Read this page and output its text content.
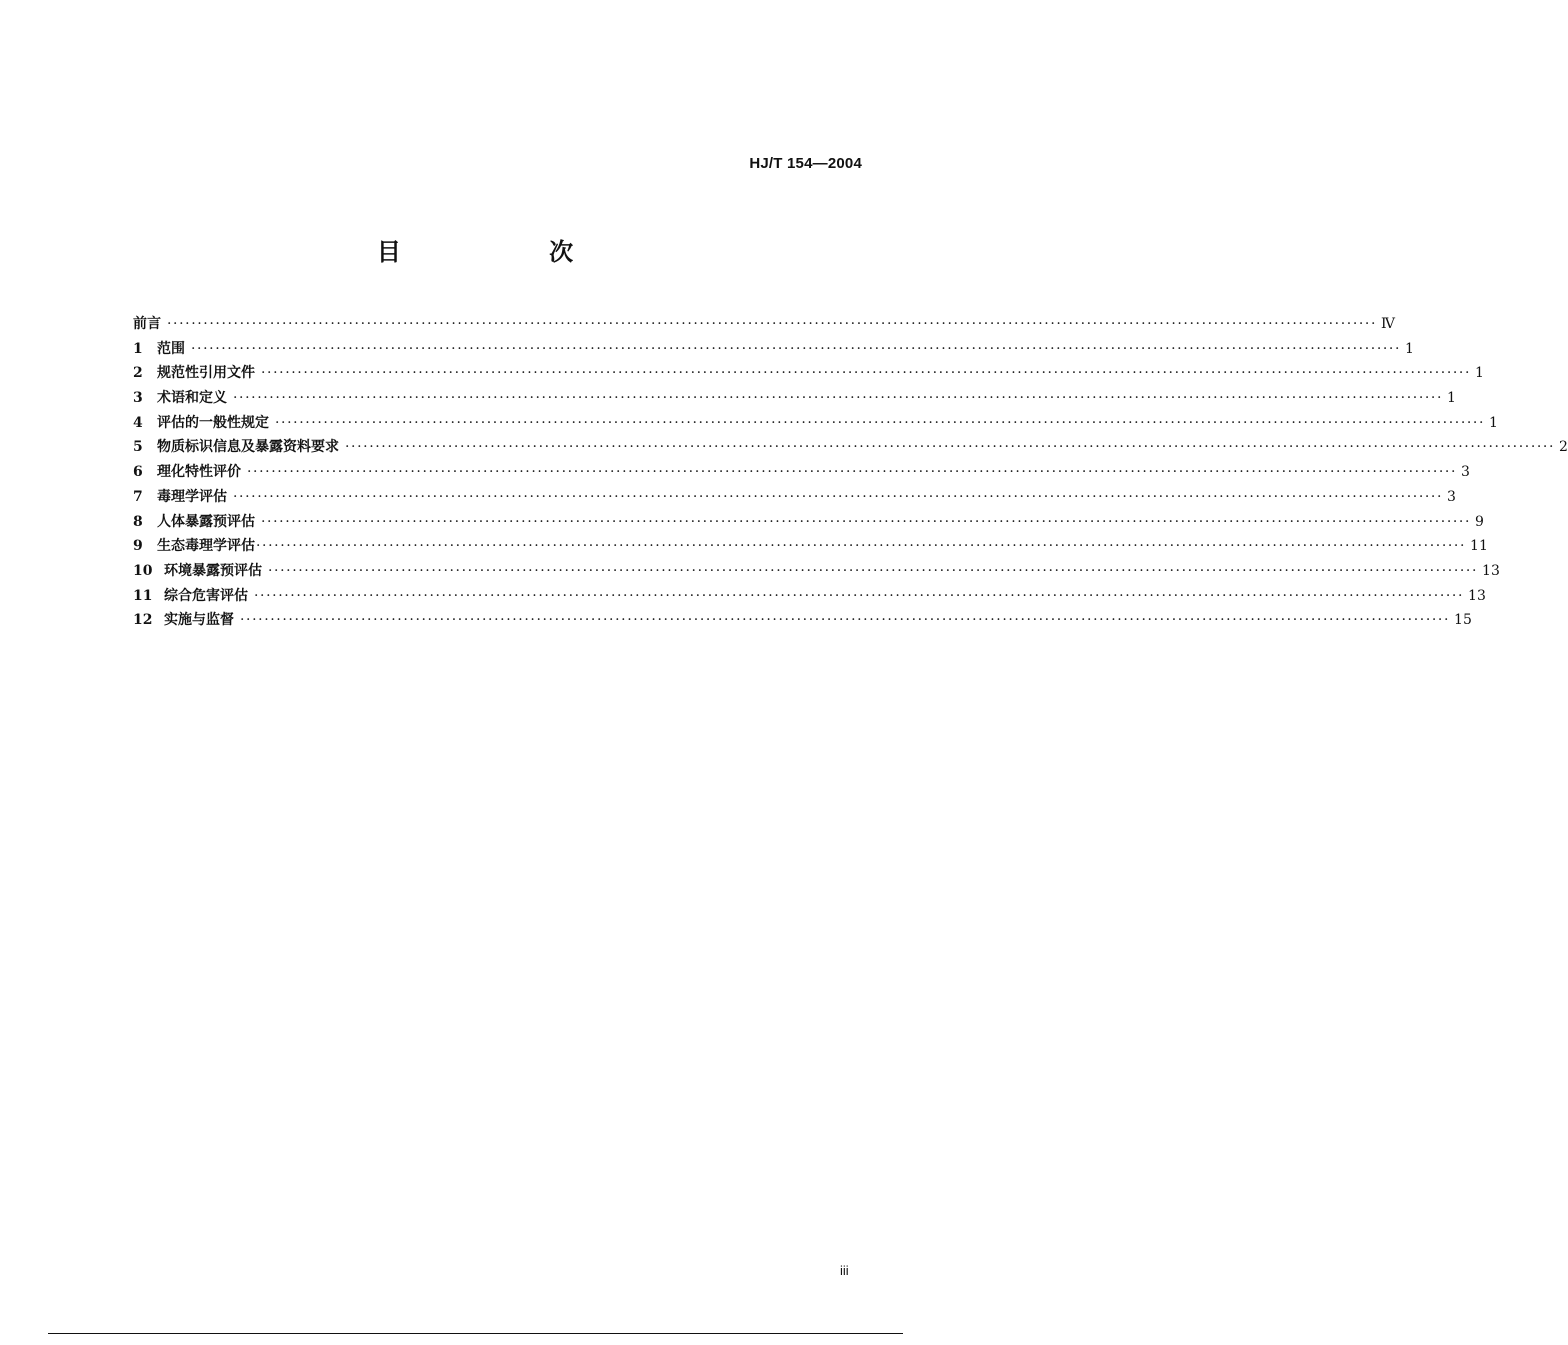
HJ/T 154—2004
目 次
前言 ········································································································································································································ Ⅳ
1	范围 ········································································································································································································ 1
2	规范性引用文件 ········································································································································································································ 1
3	术语和定义 ········································································································································································································ 1
4	评估的一般性规定 ········································································································································································································ 1
5	物质标识信息及暴露资料要求 ········································································································································································································ 2
6	理化特性评价 ········································································································································································································ 3
7	毒理学评估 ········································································································································································································ 3
8	人体暴露预评估 ········································································································································································································ 9
9	生态毒理学评估 ········································································································································································································ 11
10 环境暴露预评估 ········································································································································································································ 13
11 综合危害评估 ········································································································································································································ 13
12 实施与监督 ········································································································································································································ 15
iii
